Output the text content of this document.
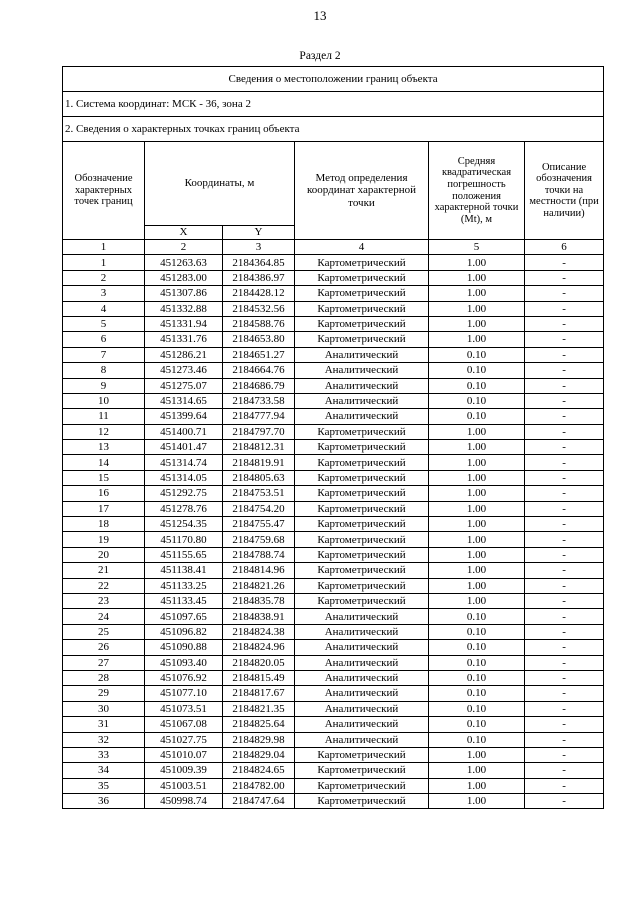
13
Раздел 2
Сведения о местоположении границ объекта					
1. Система координат: МСК - 36, зона 2					
2. Сведения о характерных точках границ объекта					
Обозначение характерных точек границ	Координаты, м		Метод определения координат характерной точки	Средняя квадратическая погрешность положения характерной точки (Mt), м	Описание обозначения точки на местности (при наличии)
	X	Y			
1	2	3	4	5	6
1	451263.63	2184364.85	Картометрический	1.00	-
2	451283.00	2184386.97	Картометрический	1.00	-
3	451307.86	2184428.12	Картометрический	1.00	-
4	451332.88	2184532.56	Картометрический	1.00	-
5	451331.94	2184588.76	Картометрический	1.00	-
6	451331.76	2184653.80	Картометрический	1.00	-
7	451286.21	2184651.27	Аналитический	0.10	-
8	451273.46	2184664.76	Аналитический	0.10	-
9	451275.07	2184686.79	Аналитический	0.10	-
10	451314.65	2184733.58	Аналитический	0.10	-
11	451399.64	2184777.94	Аналитический	0.10	-
12	451400.71	2184797.70	Картометрический	1.00	-
13	451401.47	2184812.31	Картометрический	1.00	-
14	451314.74	2184819.91	Картометрический	1.00	-
15	451314.05	2184805.63	Картометрический	1.00	-
16	451292.75	2184753.51	Картометрический	1.00	-
17	451278.76	2184754.20	Картометрический	1.00	-
18	451254.35	2184755.47	Картометрический	1.00	-
19	451170.80	2184759.68	Картометрический	1.00	-
20	451155.65	2184788.74	Картометрический	1.00	-
21	451138.41	2184814.96	Картометрический	1.00	-
22	451133.25	2184821.26	Картометрический	1.00	-
23	451133.45	2184835.78	Картометрический	1.00	-
24	451097.65	2184838.91	Аналитический	0.10	-
25	451096.82	2184824.38	Аналитический	0.10	-
26	451090.88	2184824.96	Аналитический	0.10	-
27	451093.40	2184820.05	Аналитический	0.10	-
28	451076.92	2184815.49	Аналитический	0.10	-
29	451077.10	2184817.67	Аналитический	0.10	-
30	451073.51	2184821.35	Аналитический	0.10	-
31	451067.08	2184825.64	Аналитический	0.10	-
32	451027.75	2184829.98	Аналитический	0.10	-
33	451010.07	2184829.04	Картометрический	1.00	-
34	451009.39	2184824.65	Картометрический	1.00	-
35	451003.51	2184782.00	Картометрический	1.00	-
36	450998.74	2184747.64	Картометрический	1.00	-
